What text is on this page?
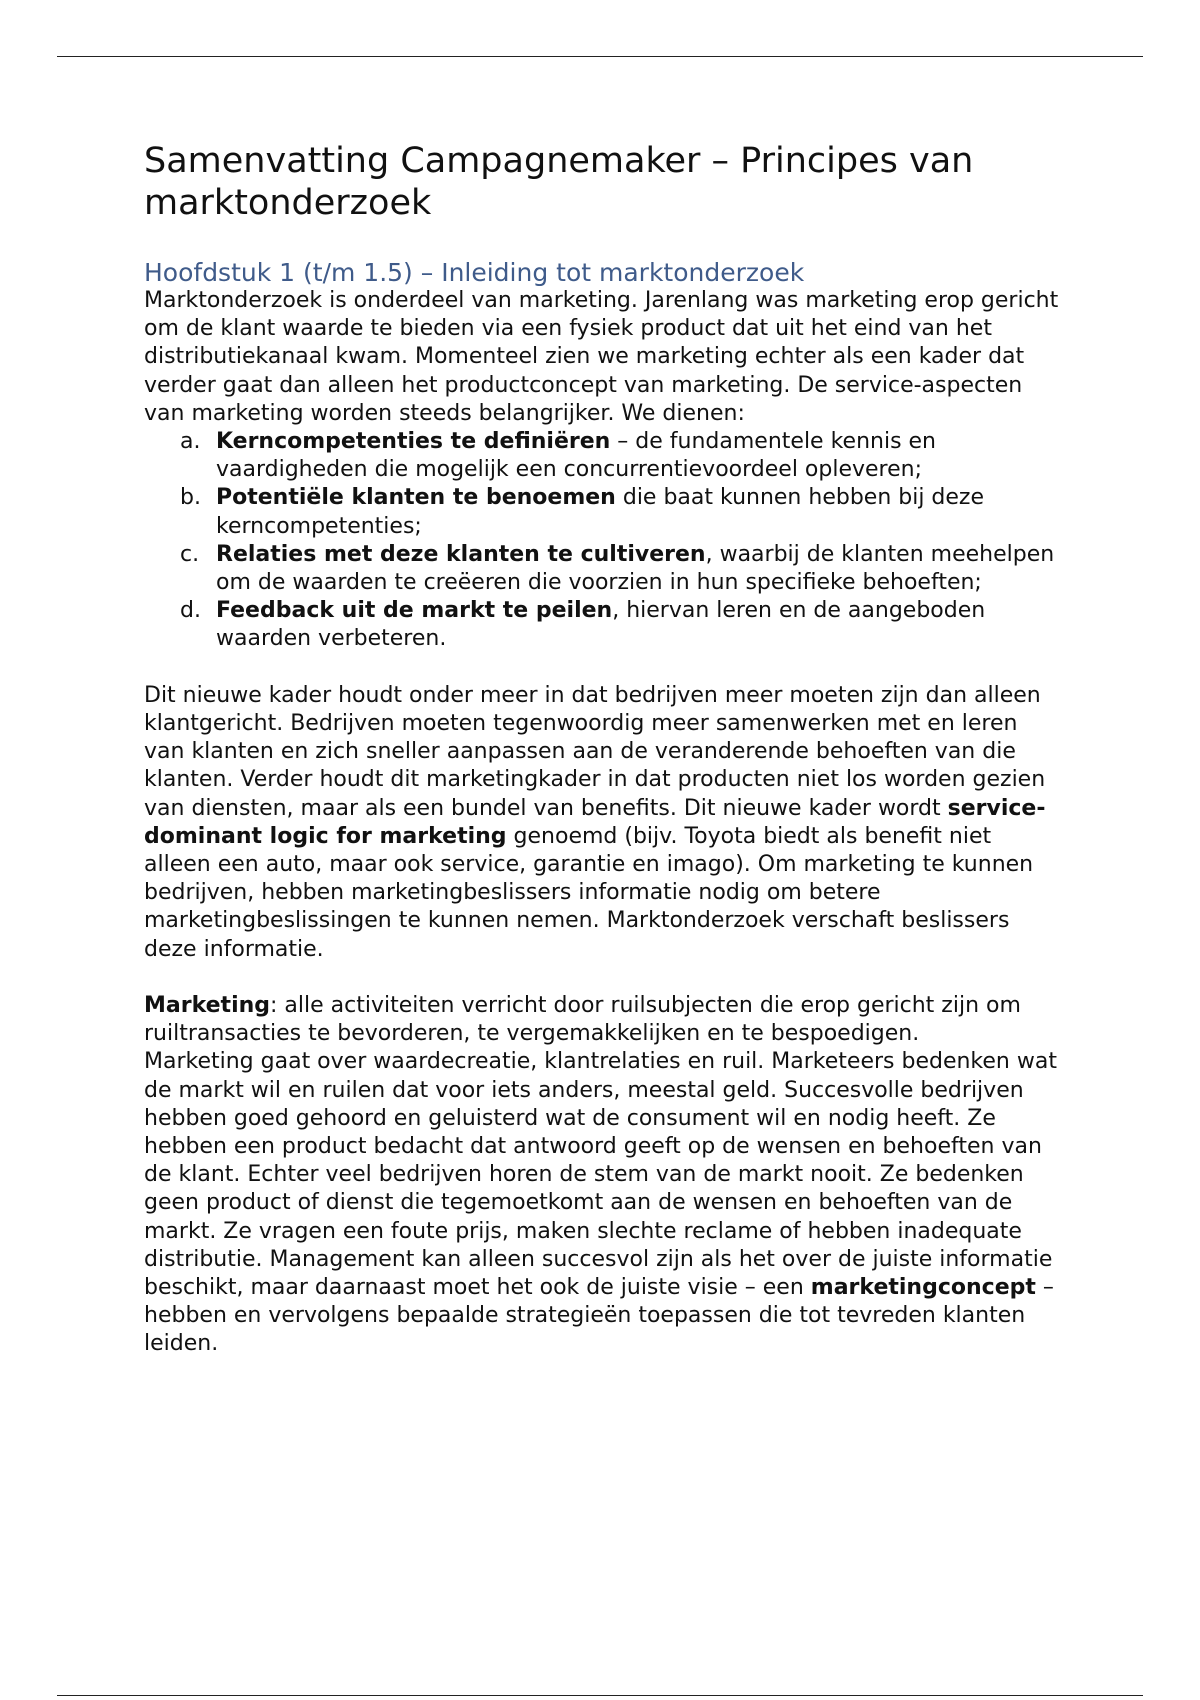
Samenvatting Campagnemaker – Principes van marktonderzoek
Hoofdstuk 1 (t/m 1.5) – Inleiding tot marktonderzoek

Marktonderzoek is onderdeel van marketing. Jarenlang was marketing erop gericht om de klant waarde te bieden via een fysiek product dat uit het eind van het distributiekanaal kwam. Momenteel zien we marketing echter als een kader dat verder gaat dan alleen het productconcept van marketing. De service-aspecten van marketing worden steeds belangrijker. We dienen:

a. Kerncompetenties te definiëren – de fundamentele kennis en vaardigheden die mogelijk een concurrentievoordeel opleveren;
b. Potentiële klanten te benoemen die baat kunnen hebben bij deze kerncompetenties;
c. Relaties met deze klanten te cultiveren, waarbij de klanten meehelpen om de waarden te creëeren die voorzien in hun specifieke behoeften;
d. Feedback uit de markt te peilen, hiervan leren en de aangeboden waarden verbeteren.

Dit nieuwe kader houdt onder meer in dat bedrijven meer moeten zijn dan alleen klantgericht. Bedrijven moeten tegenwoordig meer samenwerken met en leren van klanten en zich sneller aanpassen aan de veranderende behoeften van die klanten. Verder houdt dit marketingkader in dat producten niet los worden gezien van diensten, maar als een bundel van benefits. Dit nieuwe kader wordt service-dominant logic for marketing genoemd (bijv. Toyota biedt als benefit niet alleen een auto, maar ook service, garantie en imago). Om marketing te kunnen bedrijven, hebben marketingbeslissers informatie nodig om betere marketingbeslissingen te kunnen nemen. Marktonderzoek verschaft beslissers deze informatie.

Marketing: alle activiteiten verricht door ruilsubjecten die erop gericht zijn om ruiltransacties te bevorderen, te vergemakkelijken en te bespoedigen.

Marketing gaat over waardecreatie, klantrelaties en ruil. Marketeers bedenken wat de markt wil en ruilen dat voor iets anders, meestal geld. Succesvolle bedrijven hebben goed gehoord en geluisterd wat de consument wil en nodig heeft. Ze hebben een product bedacht dat antwoord geeft op de wensen en behoeften van de klant. Echter veel bedrijven horen de stem van de markt nooit. Ze bedenken geen product of dienst die tegemoetkomt aan de wensen en behoeften van de markt. Ze vragen een foute prijs, maken slechte reclame of hebben inadequate distributie. Management kan alleen succesvol zijn als het over de juiste informatie beschikt, maar daarnaast moet het ook de juiste visie – een marketingconcept – hebben en vervolgens bepaalde strategieën toepassen die tot tevreden klanten leiden.
